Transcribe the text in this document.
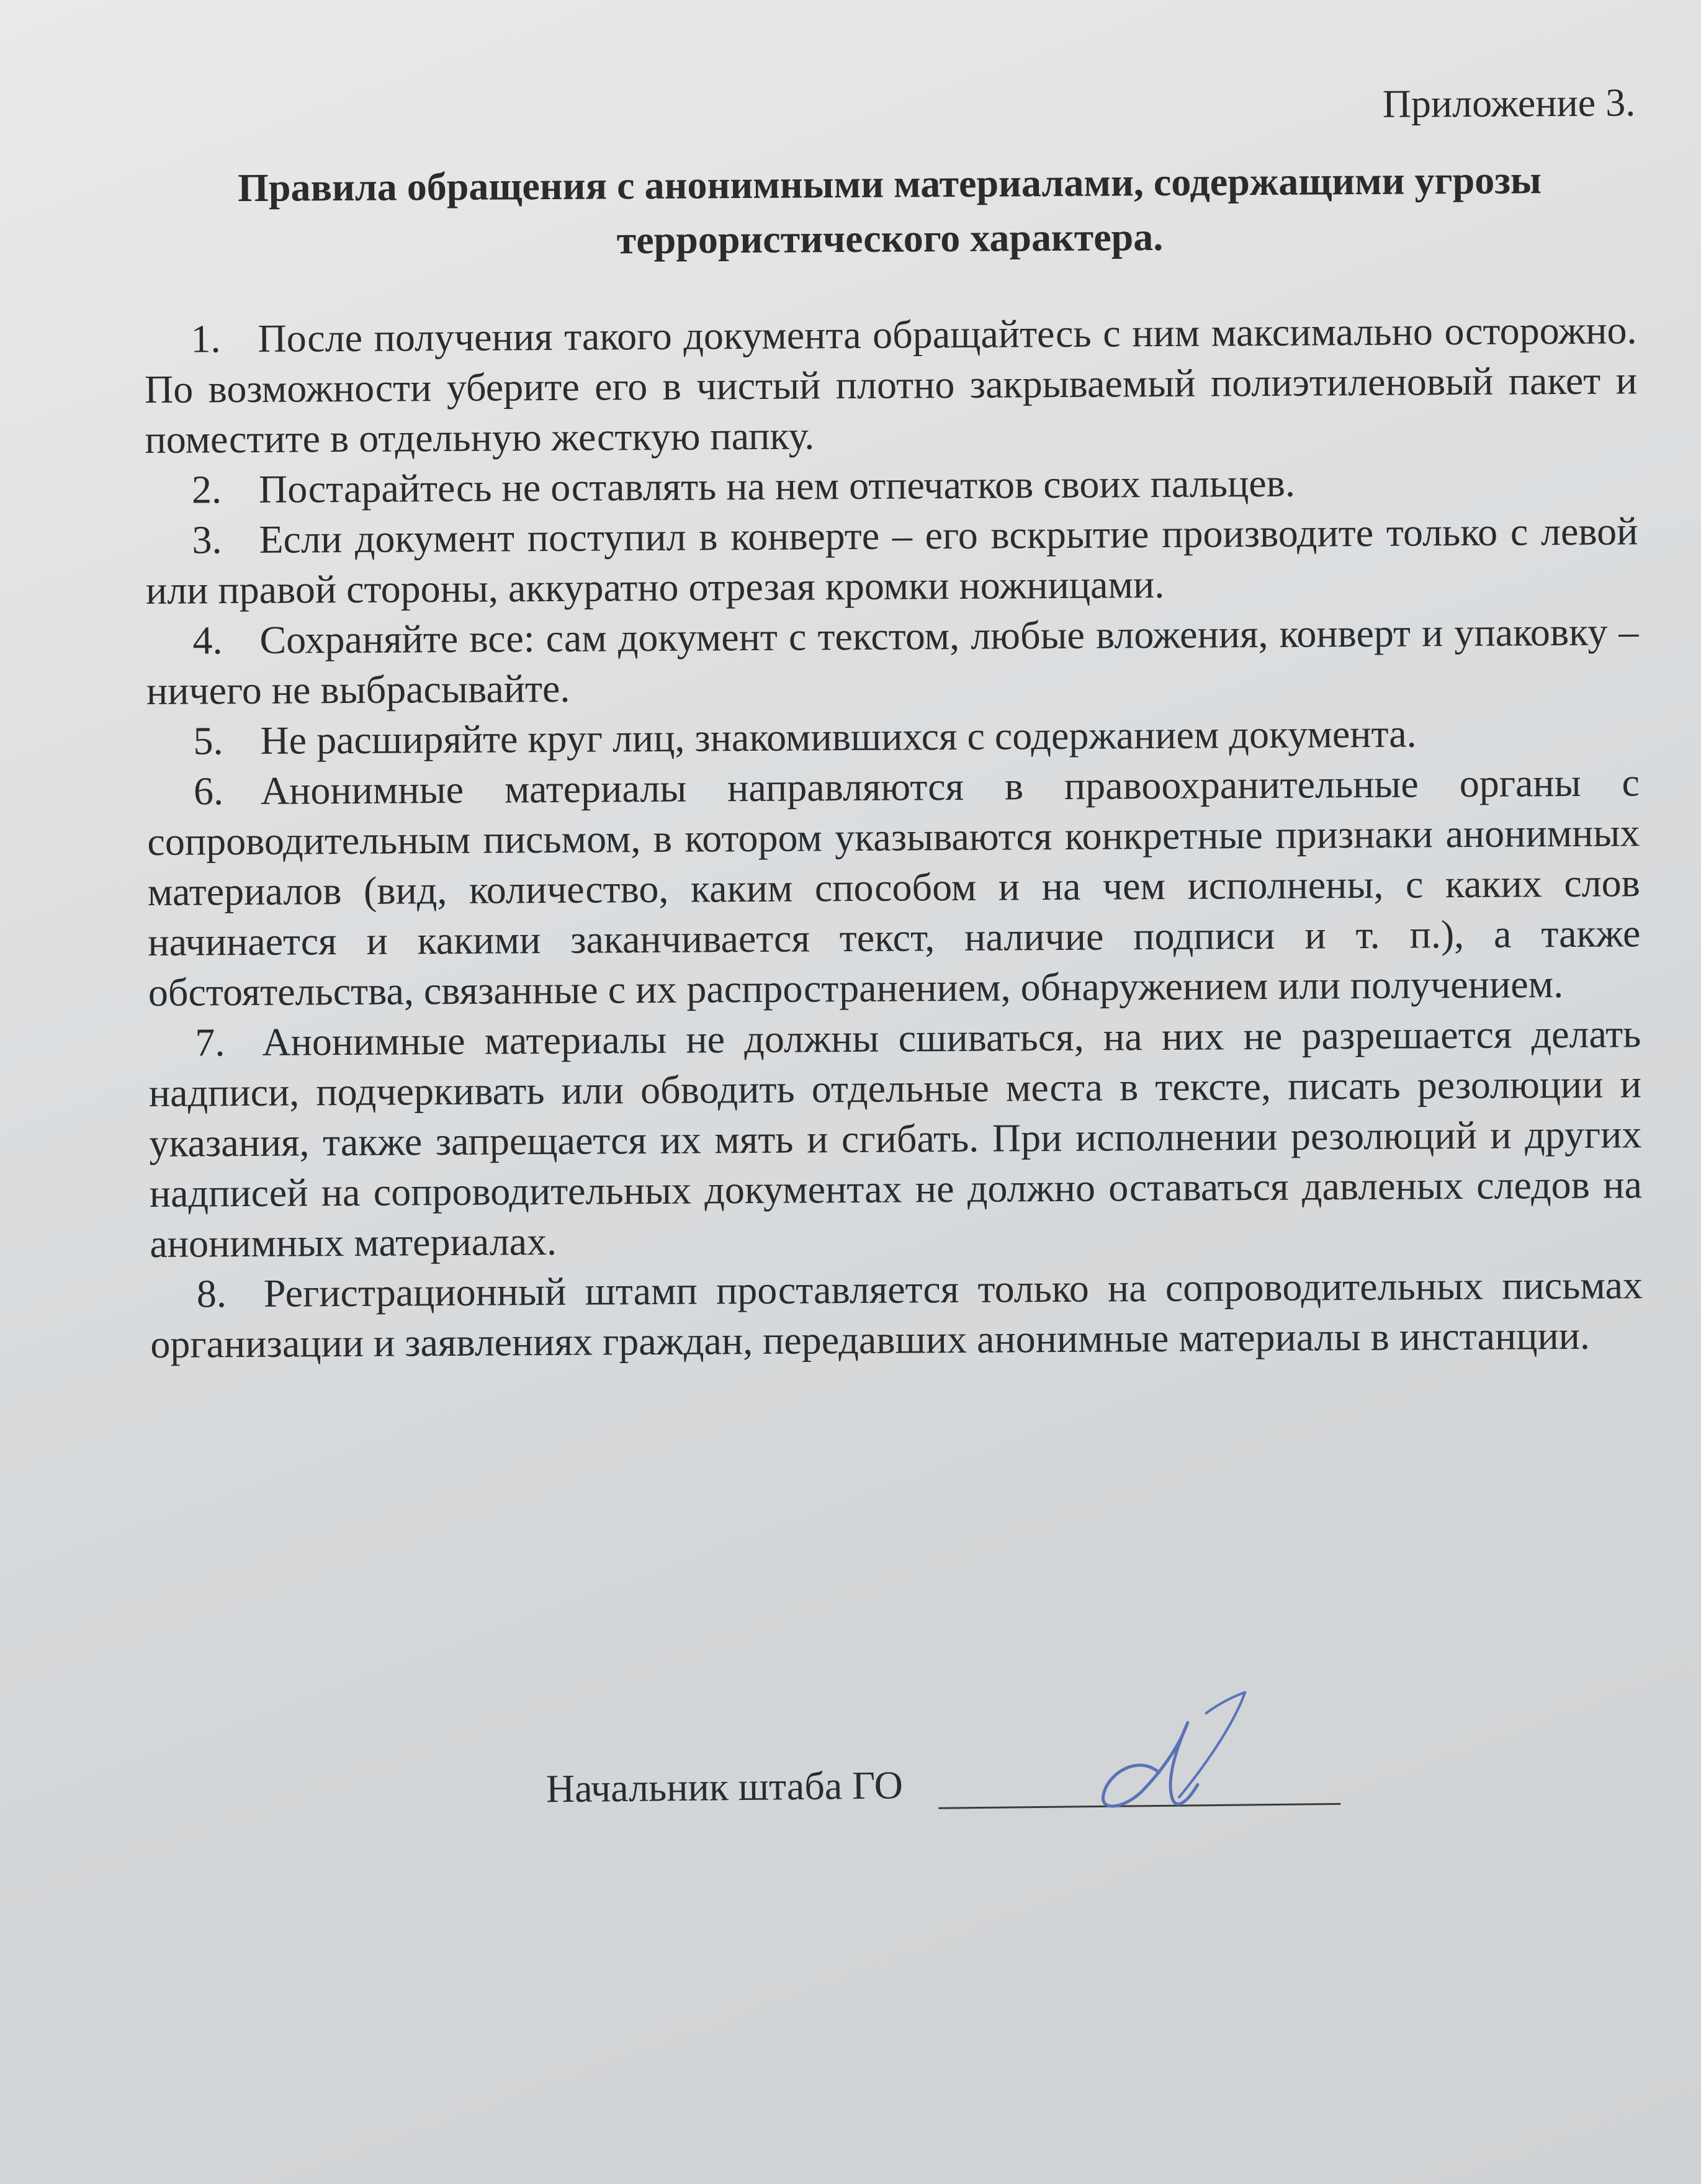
Приложение 3.
Правила обращения с анонимными материалами, содержащими угрозы террористического характера.
1. После получения такого документа обращайтесь с ним максимально осторожно. По возможности уберите его в чистый плотно закрываемый полиэтиленовый пакет и поместите в отдельную жесткую папку.
2. Постарайтесь не оставлять на нем отпечатков своих пальцев.
3. Если документ поступил в конверте – его вскрытие производите только с левой или правой стороны, аккуратно отрезая кромки ножницами.
4. Сохраняйте все: сам документ с текстом, любые вложения, конверт и упаковку – ничего не выбрасывайте.
5. Не расширяйте круг лиц, знакомившихся с содержанием документа.
6. Анонимные материалы направляются в правоохранительные органы с сопроводительным письмом, в котором указываются конкретные признаки анонимных материалов (вид, количество, каким способом и на чем исполнены, с каких слов начинается и какими заканчивается текст, наличие подписи и т. п.), а также обстоятельства, связанные с их распространением, обнаружением или получением.
7. Анонимные материалы не должны сшиваться, на них не разрешается делать надписи, подчеркивать или обводить отдельные места в тексте, писать резолюции и указания, также запрещается их мять и сгибать. При исполнении резолюций и других надписей на сопроводительных документах не должно оставаться давленых следов на анонимных материалах.
8. Регистрационный штамп проставляется только на сопроводительных письмах организации и заявлениях граждан, передавших анонимные материалы в инстанции.
Начальник штаба ГО
